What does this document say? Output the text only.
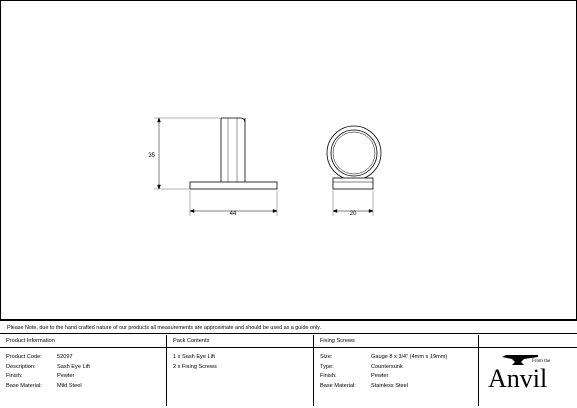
35
44	20
Please Note, due to the hand crafted nature of our products all measurements are approximate and should be used as a guide only.
Product Information
Product Code:	52097
Description:	Sash Eye Lift
Finish:	Pewter
Base Material:	Mild Steel
Pack Contents
1 x Sash Eye Lift
2 x Fixing Screws
Fixing Screws
Size:	Gauge 8 x 3/4" (4mm x 19mm)
Type:	Countersunk
Finish:	Pewter
Base Material:	Stainless Steel
From the
Anvil
